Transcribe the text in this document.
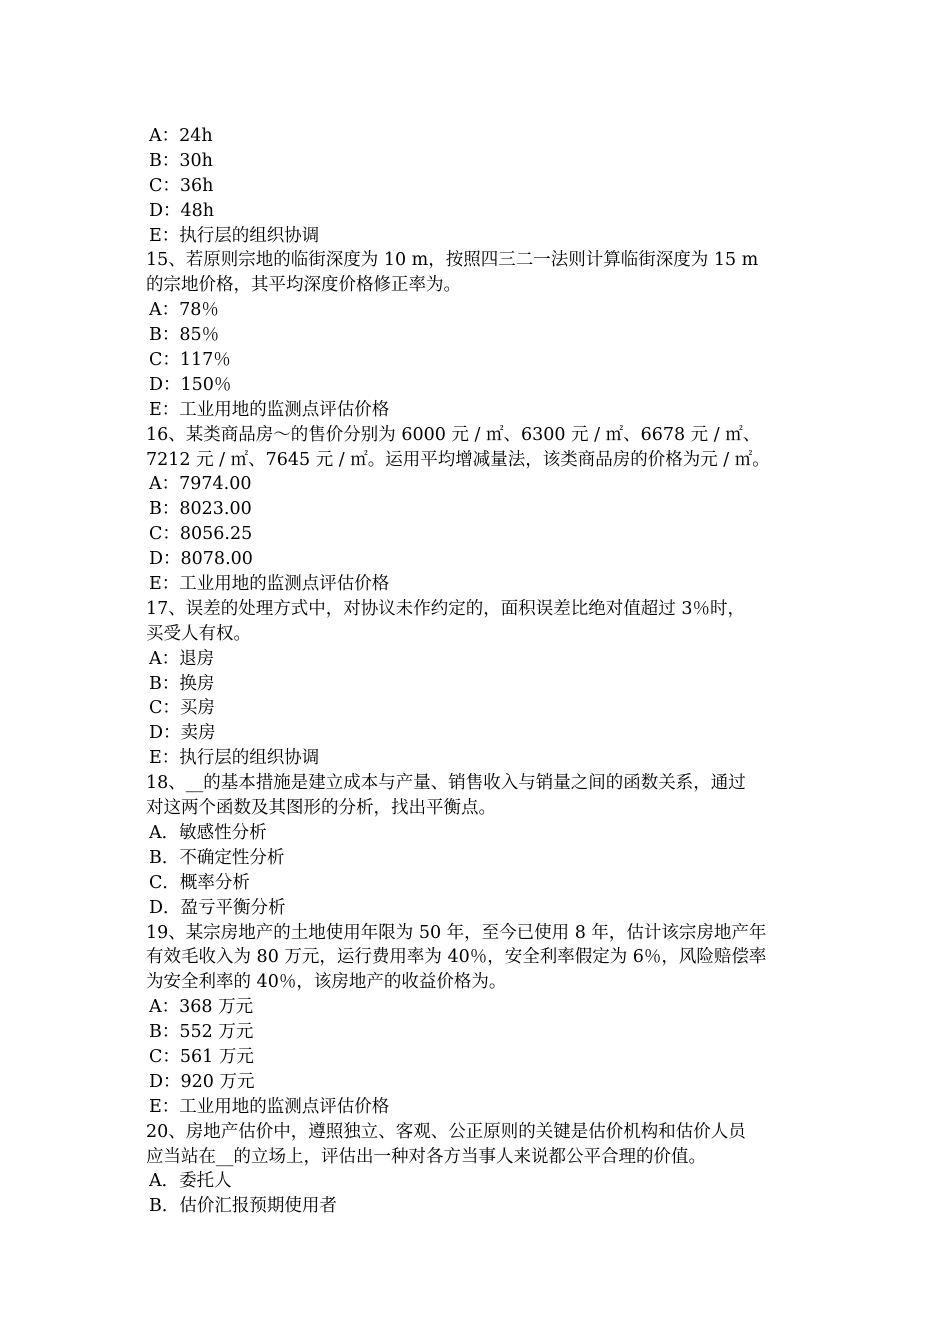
A：24h
B：30h
C：36h
D：48h
E：执行层的组织协调
15、若原则宗地的临街深度为 10 m，按照四三二一法则计算临街深度为 15 m
的宗地价格，其平均深度价格修正率为。
A：78％
B：85％
C：117％
D：150％
E：工业用地的监测点评估价格
16、某类商品房～的售价分别为 6000 元 / ㎡、6300 元 / ㎡、6678 元 / ㎡、
7212 元 / ㎡、7645 元 / ㎡。运用平均增减量法，该类商品房的价格为元 / ㎡。
A：7974.00
B：8023.00
C：8056.25
D：8078.00
E：工业用地的监测点评估价格
17、误差的处理方式中，对协议未作约定的，面积误差比绝对值超过 3％时，
买受人有权。
A：退房
B：换房
C：买房
D：卖房
E：执行层的组织协调
18、__的基本措施是建立成本与产量、销售收入与销量之间的函数关系，通过
对这两个函数及其图形的分析，找出平衡点。
A．敏感性分析
B．不确定性分析
C．概率分析
D．盈亏平衡分析
19、某宗房地产的土地使用年限为 50 年，至今已使用 8 年，估计该宗房地产年
有效毛收入为 80 万元，运行费用率为 40％，安全利率假定为 6％，风险赔偿率
为安全利率的 40％，该房地产的收益价格为。
A：368 万元
B：552 万元
C：561 万元
D：920 万元
E：工业用地的监测点评估价格
20、房地产估价中，遵照独立、客观、公正原则的关键是估价机构和估价人员
应当站在__的立场上，评估出一种对各方当事人来说都公平合理的价值。
A．委托人
B．估价汇报预期使用者
